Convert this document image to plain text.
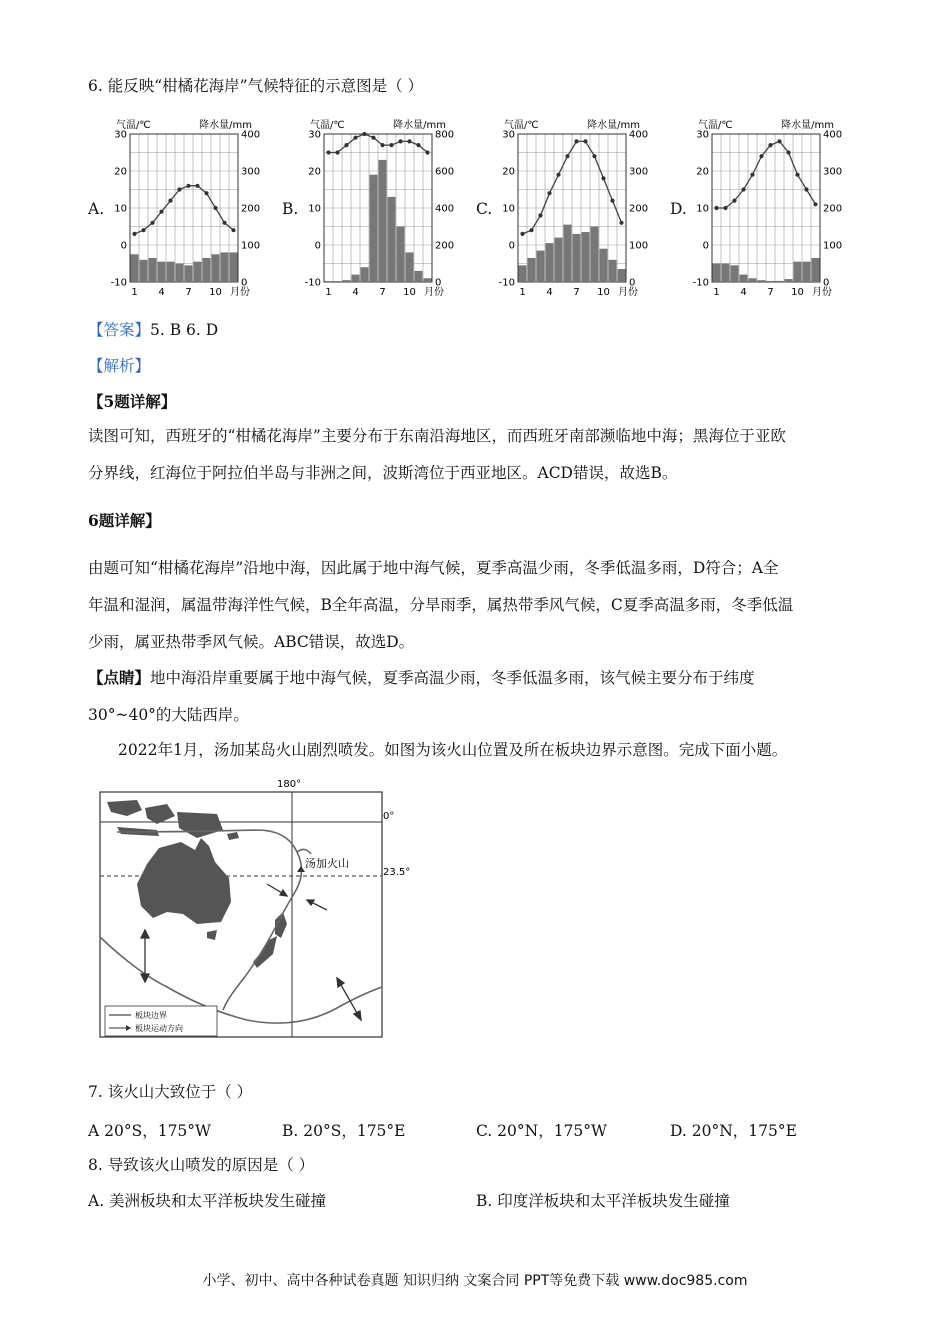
6. 能反映“柑橘花海岸”气候特征的示意图是（ ）
A.	B.	C.	D.
30
20
10
0
-10
400
300
200
100
0
气温/℃	降水量/mm
1 4 7 10 月份
30
20
10
0
-10
800
600
400
200
0
气温/℃	降水量/mm
1 4 7 10 月份
30
20
10
0
-10
400
300
200
100
0
气温/℃	降水量/mm
1 4 7 10 月份
30
20
10
0
-10
400
300
200
100
0
气温/℃	降水量/mm
1 4 7 10 月份
【答案】5. B 6. D
【解析】
【5题详解】
读图可知，西班牙的“柑橘花海岸”主要分布于东南沿海地区，而西班牙南部濒临地中海；黑海位于亚欧
分界线，红海位于阿拉伯半岛与非洲之间，波斯湾位于西亚地区。ACD错误，故选B。
6题详解】
由题可知“柑橘花海岸”沿地中海，因此属于地中海气候，夏季高温少雨，冬季低温多雨，D符合；A全
年温和湿润，属温带海洋性气候，B全年高温，分旱雨季，属热带季风气候，C夏季高温多雨，冬季低温
少雨，属亚热带季风气候。ABC错误，故选D。
【点睛】地中海沿岸重要属于地中海气候，夏季高温少雨，冬季低温多雨，该气候主要分布于纬度
30°~40°的大陆西岸。
2022年1月，汤加某岛火山剧烈喷发。如图为该火山位置及所在板块边界示意图。完成下面小题。
180°
0°
23.5°
汤加火山
板块边界
板块运动方向
7. 该火山大致位于（ ）
A 20°S，175°W	B. 20°S，175°E	C. 20°N，175°W	D. 20°N，175°E
8. 导致该火山喷发的原因是（ ）
A. 美洲板块和太平洋板块发生碰撞	B. 印度洋板块和太平洋板块发生碰撞
小学、初中、高中各种试卷真题 知识归纳 文案合同 PPT等免费下载 www.doc985.com
